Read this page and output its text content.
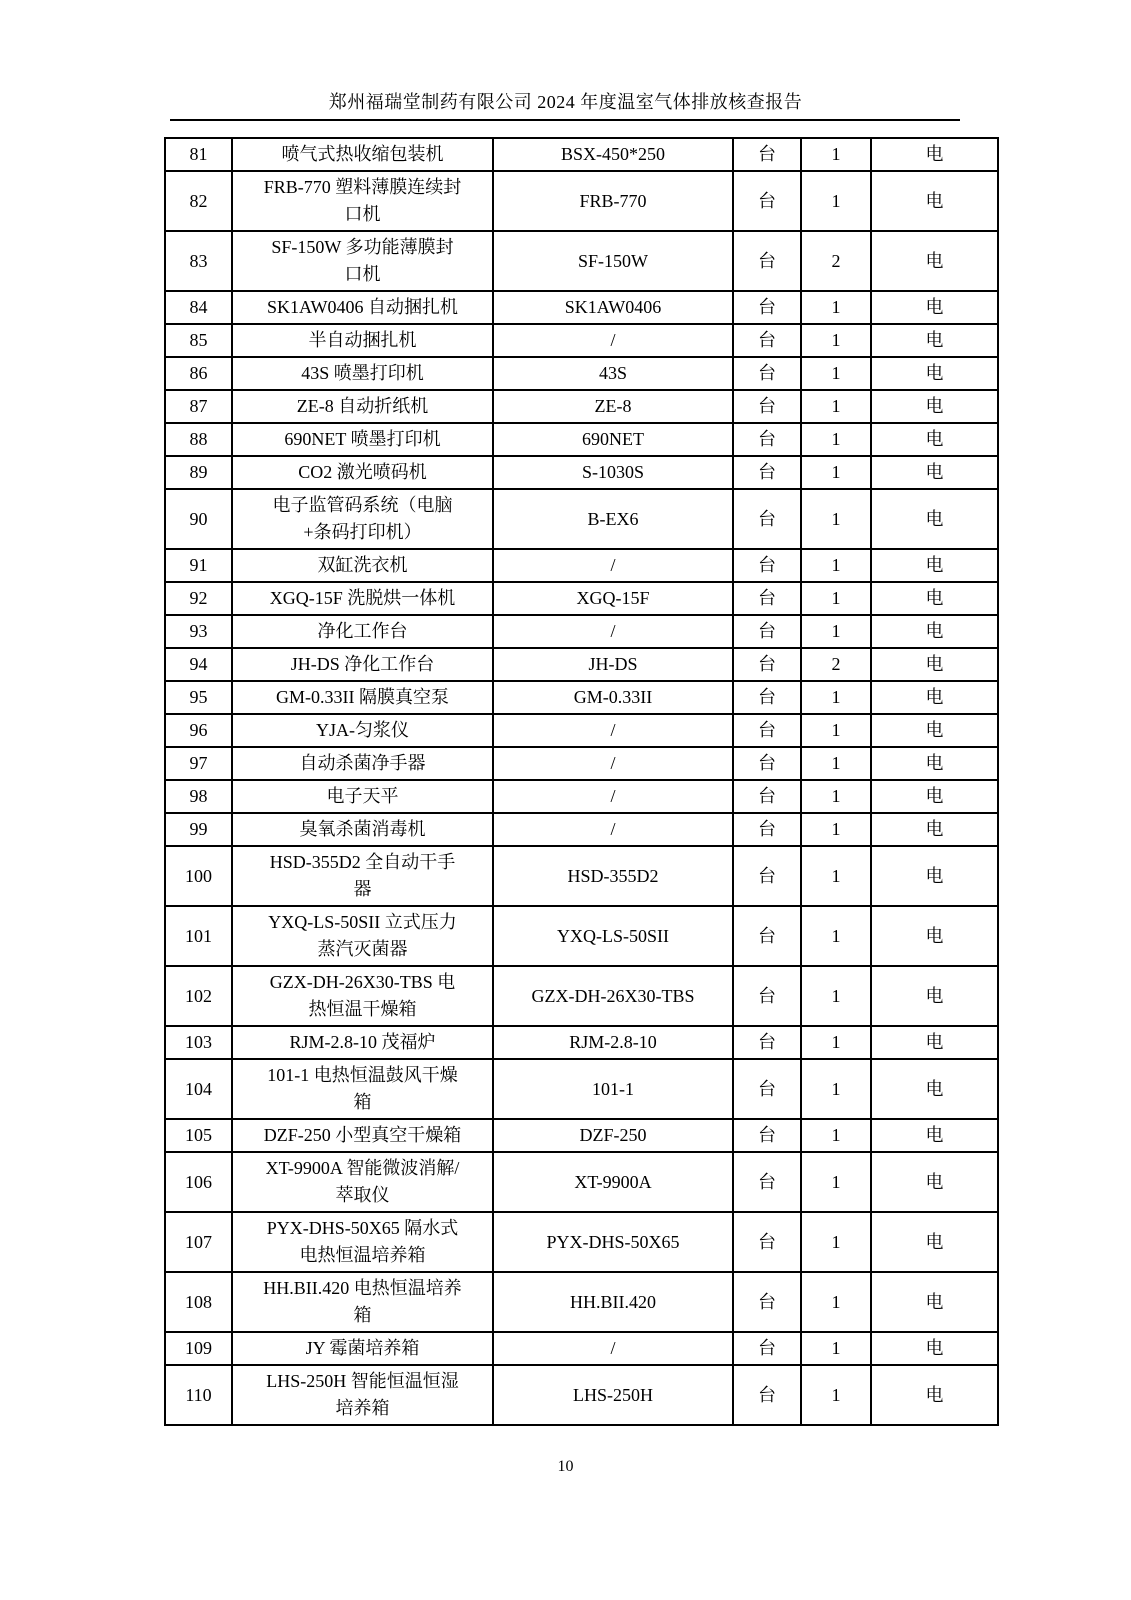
郑州福瑞堂制药有限公司 2024 年度温室气体排放核查报告
81	喷气式热收缩包装机	BSX-450*250	台	1	电
82	FRB-770 塑料薄膜连续封口机	FRB-770	台	1	电
83	SF-150W 多功能薄膜封口机	SF-150W	台	2	电
84	SK1AW0406 自动捆扎机	SK1AW0406	台	1	电
85	半自动捆扎机	/	台	1	电
86	43S 喷墨打印机	43S	台	1	电
87	ZE-8 自动折纸机	ZE-8	台	1	电
88	690NET 喷墨打印机	690NET	台	1	电
89	CO2 激光喷码机	S-1030S	台	1	电
90	电子监管码系统（电脑+条码打印机）	B-EX6	台	1	电
91	双缸洗衣机	/	台	1	电
92	XGQ-15F 洗脱烘一体机	XGQ-15F	台	1	电
93	净化工作台	/	台	1	电
94	JH-DS 净化工作台	JH-DS	台	2	电
95	GM-0.33II 隔膜真空泵	GM-0.33II	台	1	电
96	YJA-匀浆仪	/	台	1	电
97	自动杀菌净手器	/	台	1	电
98	电子天平	/	台	1	电
99	臭氧杀菌消毒机	/	台	1	电
100	HSD-355D2 全自动干手器	HSD-355D2	台	1	电
101	YXQ-LS-50SII 立式压力蒸汽灭菌器	YXQ-LS-50SII	台	1	电
102	GZX-DH-26X30-TBS 电热恒温干燥箱	GZX-DH-26X30-TBS	台	1	电
103	RJM-2.8-10 茂福炉	RJM-2.8-10	台	1	电
104	101-1 电热恒温鼓风干燥箱	101-1	台	1	电
105	DZF-250 小型真空干燥箱	DZF-250	台	1	电
106	XT-9900A 智能微波消解/萃取仪	XT-9900A	台	1	电
107	PYX-DHS-50X65 隔水式电热恒温培养箱	PYX-DHS-50X65	台	1	电
108	HH.BII.420 电热恒温培养箱	HH.BII.420	台	1	电
109	JY 霉菌培养箱	/	台	1	电
110	LHS-250H 智能恒温恒湿培养箱	LHS-250H	台	1	电
10
